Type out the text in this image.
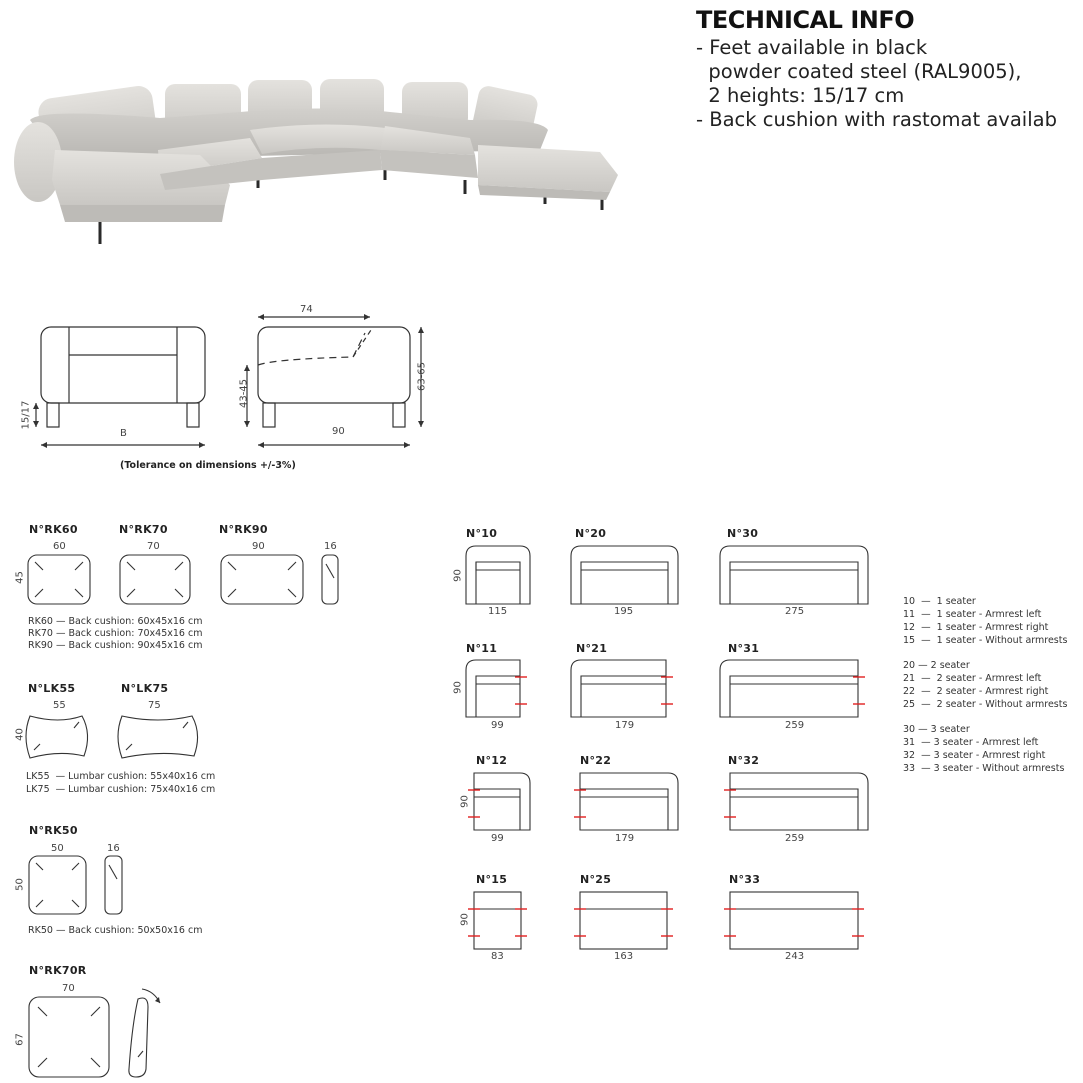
TECHNICAL INFO
- Feet available in black
powder coated steel (RAL9005),
2 heights: 15/17 cm
- Back cushion with rastomat availab
B
15/17
74
43-45
63-65
90
(Tolerance on dimensions +/-3%)
N°RK60	N°RK70	N°RK90
60	70	90	16
45
RK60 — Back cushion: 60x45x16 cm
RK70 — Back cushion: 70x45x16 cm
RK90 — Back cushion: 90x45x16 cm
N°LK55	N°LK75
55	75
40
LK55  — Lumbar cushion: 55x40x16 cm
LK75  — Lumbar cushion: 75x40x16 cm
N°RK50
50	16
50
RK50 — Back cushion: 50x50x16 cm
N°RK70R
70
67
N°10	N°20	N°30
N°11	N°21	N°31
N°12	N°22	N°32
N°15	N°25	N°33
90
90
90
90
115	195	275
99	179	259
99	179	259
83	163	243
10  —  1 seater
11  —  1 seater - Armrest left
12  —  1 seater - Armrest right
15  —  1 seater - Without armrests
20 — 2 seater
21  —  2 seater - Armrest left
22  —  2 seater - Armrest right
25  —  2 seater - Without armrests
30 — 3 seater
31  — 3 seater - Armrest left
32  — 3 seater - Armrest right
33  — 3 seater - Without armrests
